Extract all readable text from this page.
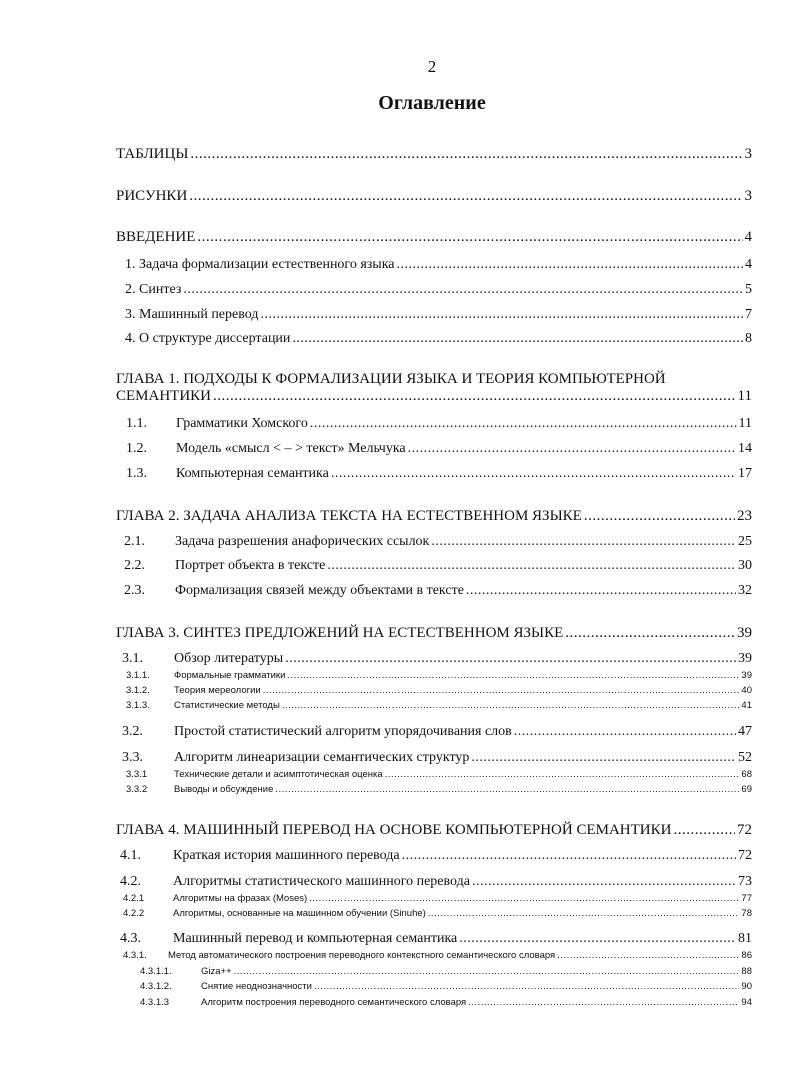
2
Оглавление
ТАБЛИЦЫ .....	3
РИСУНКИ .....	3
ВВЕДЕНИЕ .....	4
1. Задача формализации естественного языка .....	4
2. Синтез .....	5
3. Машинный перевод .....	7
4. О структуре диссертации .....	8
ГЛАВА 1. ПОДХОДЫ К ФОРМАЛИЗАЦИИ ЯЗЫКА И ТЕОРИЯ КОМПЬЮТЕРНОЙ
СЕМАНТИКИ .....	11
1.1.	Грамматики Хомского .....	11
1.2.	Модель «смысл < – > текст» Мельчука .....	14
1.3.	Компьютерная семантика .....	17
ГЛАВА 2. ЗАДАЧА АНАЛИЗА ТЕКСТА НА ЕСТЕСТВЕННОМ ЯЗЫКЕ .....	23
2.1.	Задача разрешения анафорических ссылок .....	25
2.2.	Портрет объекта в тексте .....	30
2.3.	Формализация связей между объектами в тексте .....	32
ГЛАВА 3. СИНТЕЗ ПРЕДЛОЖЕНИЙ НА ЕСТЕСТВЕННОМ ЯЗЫКЕ .....	39
3.1.	Обзор литературы .....	39
3.1.1.	Формальные грамматики .....	39
3.1.2.	Теория мереологии .....	40
3.1.3.	Статистические методы .....	41
3.2.	Простой статистический алгоритм упорядочивания слов .....	47
3.3.	Алгоритм линеаризации семантических структур .....	52
3.3.1	Технические детали и асимптотическая оценка .....	68
3.3.2	Выводы и обсуждение .....	69
ГЛАВА 4. МАШИННЫЙ ПЕРЕВОД НА ОСНОВЕ КОМПЬЮТЕРНОЙ СЕМАНТИКИ .....	72
4.1.	Краткая история машинного перевода .....	72
4.2.	Алгоритмы статистического машинного перевода .....	73
4.2.1	Алгоритмы на фразах (Moses) .....	77
4.2.2	Алгоритмы, основанные на машинном обучении (Sinuhe) .....	78
4.3.	Машинный перевод и компьютерная семантика .....	81
4.3.1.	Метод автоматического построения переводного контекстного семантического словаря .....	86
4.3.1.1.	Giza++ .....	88
4.3.1.2.	Снятие неоднозначности .....	90
4.3.1.3	Алгоритм построения переводного семантического словаря .....	94
